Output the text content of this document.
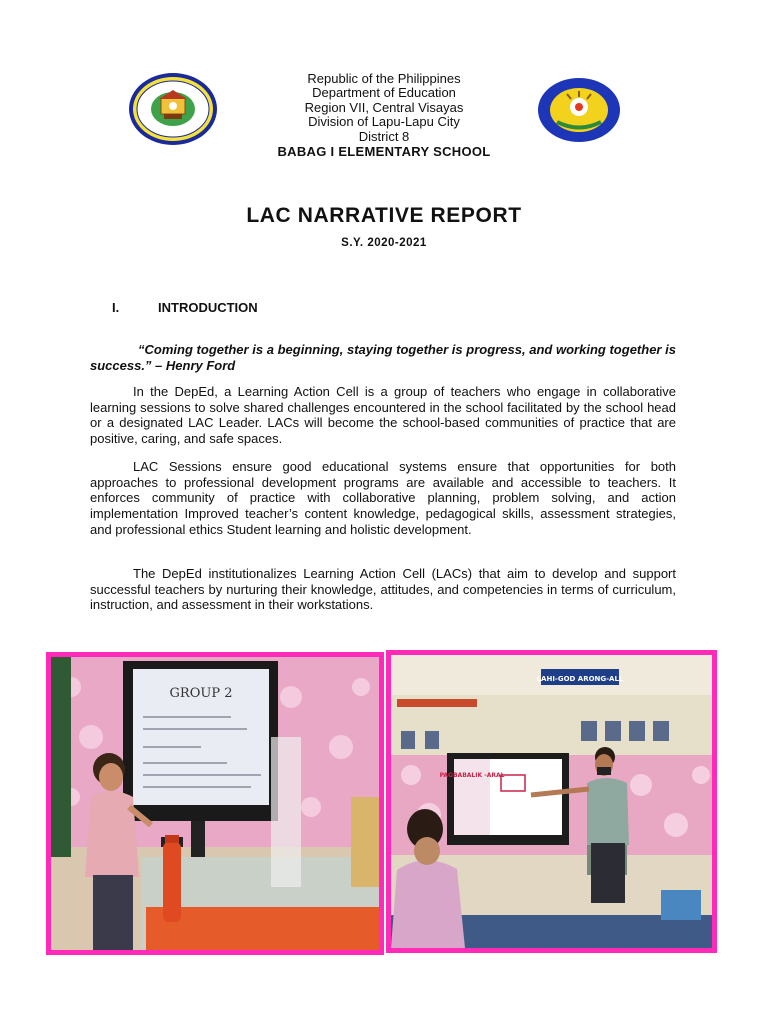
Republic of the Philippines
Department of Education
Region VII, Central Visayas
Division of Lapu-Lapu City
District 8
BABAG I ELEMENTARY SCHOOL
LAC NARRATIVE REPORT
S.Y. 2020-2021
I.	INTRODUCTION
“Coming together is a beginning, staying together is progress, and working together is success.” – Henry Ford
In the DepEd, a Learning Action Cell is a group of teachers who engage in collaborative learning sessions to solve shared challenges encountered in the school facilitated by the school head or a designated LAC Leader. LACs will become the school-based communities of practice that are positive, caring, and safe spaces.
LAC Sessions ensure good educational systems ensure that opportunities for both approaches to professional development programs are available and accessible to teachers. It enforces community of practice with collaborative planning, problem solving, and action implementation Improved teacher’s content knowledge, pedagogical skills, assessment strategies, and professional ethics Student learning and holistic development.
The DepEd institutionalizes Learning Action Cell (LACs) that aim to develop and support successful teachers by nurturing their knowledge, attitudes, and competencies in terms of curriculum, instruction, and assessment in their workstations.
GROUP 2
LAHI-GOD ARONG-ALL
PAGBABALIK -ARAL
